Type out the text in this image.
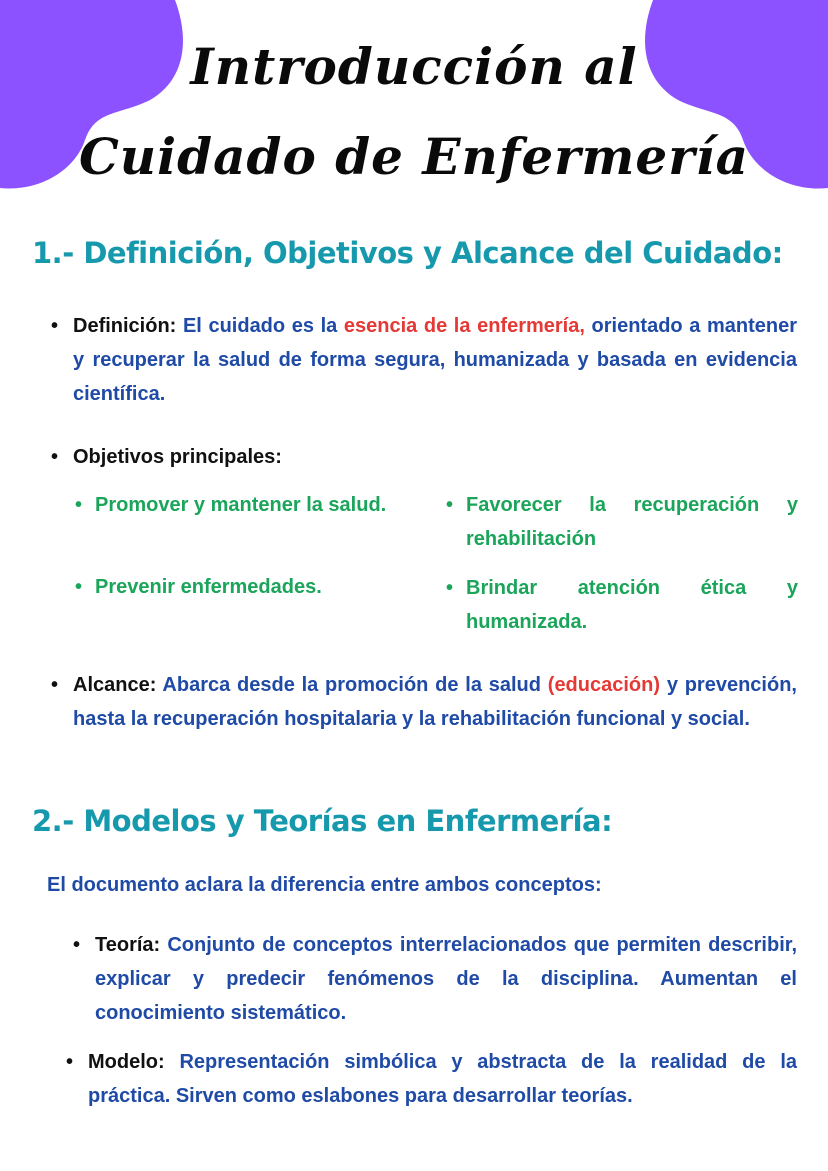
Introducción al
Cuidado de Enfermería
1.- Definición, Objetivos y Alcance del Cuidado:
• Definición: El cuidado es la esencia de la enfermería, orientado a mantener y recuperar la salud de forma segura, humanizada y basada en evidencia científica.
• Objetivos principales:
• Promover y mantener la salud.	• Favorecer la recuperación y rehabilitación
• Prevenir enfermedades.	• Brindar atención ética y humanizada.
• Alcance: Abarca desde la promoción de la salud (educación) y prevención, hasta la recuperación hospitalaria y la rehabilitación funcional y social.
2.- Modelos y Teorías en Enfermería:
El documento aclara la diferencia entre ambos conceptos:
• Teoría: Conjunto de conceptos interrelacionados que permiten describir, explicar y predecir fenómenos de la disciplina. Aumentan el conocimiento sistemático.
• Modelo: Representación simbólica y abstracta de la realidad de la práctica. Sirven como eslabones para desarrollar teorías.
